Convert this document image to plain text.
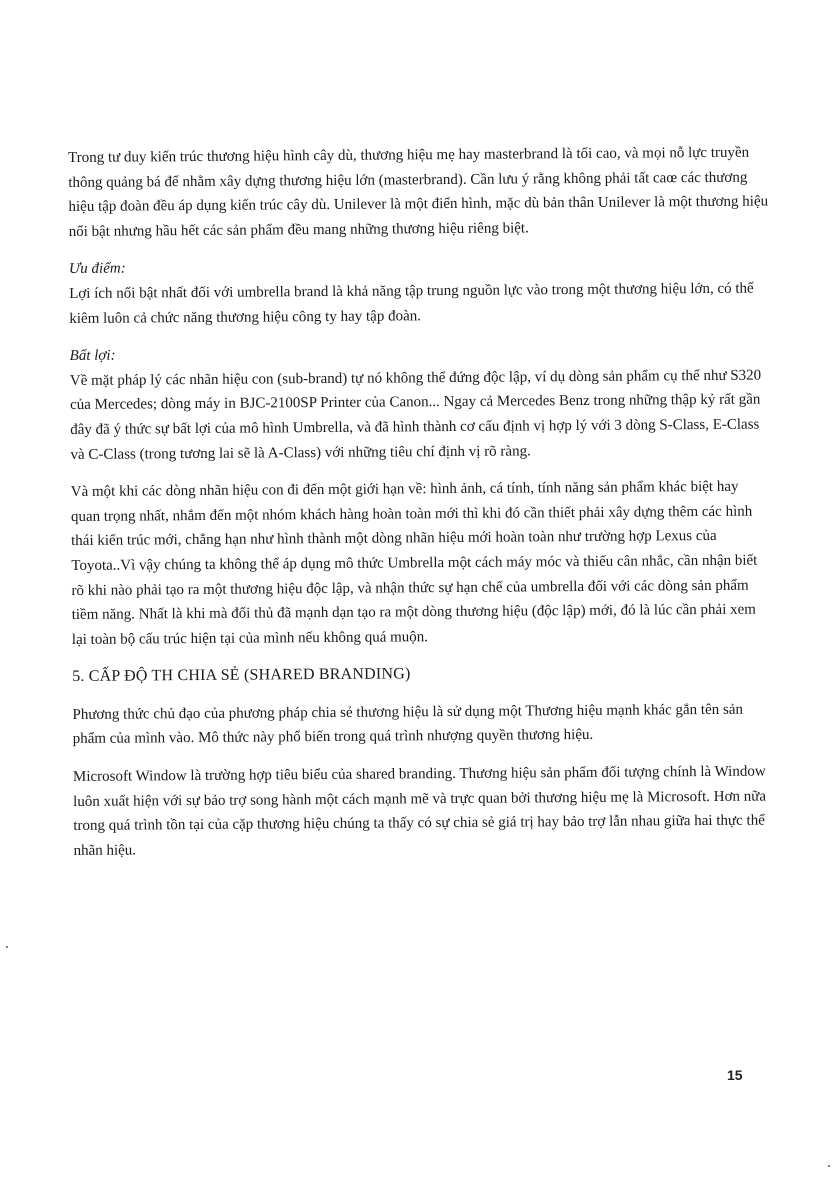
Trong tư duy kiến trúc thương hiệu hình cây dù, thương hiệu mẹ hay masterbrand là tối cao, và mọi nỗ lực truyền thông quảng bá để nhằm xây dựng thương hiệu lớn (masterbrand). Cần lưu ý rằng không phải tất caœ các thương hiệu tập đoàn đều áp dụng kiến trúc cây dù. Unilever là một điển hình, mặc dù bản thân Unilever là một thương hiệu nổi bật nhưng hầu hết các sản phẩm đều mang những thương hiệu riêng biệt.

Ưu điểm:

Lợi ích nổi bật nhất đối với umbrella brand là khả năng tập trung nguồn lực vào trong một thương hiệu lớn, có thể kiêm luôn cả chức năng thương hiệu công ty hay tập đoàn.

Bất lợi:

Về mặt pháp lý các nhãn hiệu con (sub-brand) tự nó không thể đứng độc lập, ví dụ dòng sản phẩm cụ thể như S320 của Mercedes; dòng máy in BJC-2100SP Printer của Canon... Ngay cả Mercedes Benz trong những thập kỷ rất gần đây đã ý thức sự bất lợi của mô hình Umbrella, và đã hình thành cơ cấu định vị hợp lý với 3 dòng S-Class, E-Class và C-Class (trong tương lai sẽ là A-Class) với những tiêu chí định vị rõ ràng.

Và một khi các dòng nhãn hiệu con đi đến một giới hạn về: hình ảnh, cá tính, tính năng sản phẩm khác biệt hay quan trọng nhất, nhắm đến một nhóm khách hàng hoàn toàn mới thì khi đó cần thiết phải xây dựng thêm các hình thái kiến trúc mới, chẳng hạn như hình thành một dòng nhãn hiệu mới hoàn toàn như trường hợp Lexus của Toyota..Vì vậy chúng ta không thể áp dụng mô thức Umbrella một cách máy móc và thiếu cân nhắc, cần nhận biết rõ khi nào phải tạo ra một thương hiệu độc lập, và nhận thức sự hạn chế của umbrella đối với các dòng sản phẩm tiềm năng. Nhất là khi mà đối thủ đã mạnh dạn tạo ra một dòng thương hiệu (độc lập) mới, đó là lúc cần phải xem lại toàn bộ cấu trúc hiện tại của mình nếu không quá muộn.

5. CẤP ĐỘ TH CHIA SẺ (SHARED BRANDING)

Phương thức chủ đạo của phương pháp chia sẻ thương hiệu là sử dụng một Thương hiệu mạnh khác gắn tên sản phẩm của mình vào. Mô thức này phổ biến trong quá trình nhượng quyền thương hiệu.

Microsoft Window là trường hợp tiêu biểu của shared branding. Thương hiệu sản phẩm đối tượng chính là Window luôn xuất hiện với sự bảo trợ song hành một cách mạnh mẽ và trực quan bởi thương hiệu mẹ là Microsoft. Hơn nữa trong quá trình tồn tại của cặp thương hiệu chúng ta thấy có sự chia sẻ giá trị hay bảo trợ lẫn nhau giữa hai thực thể nhãn hiệu.

15
